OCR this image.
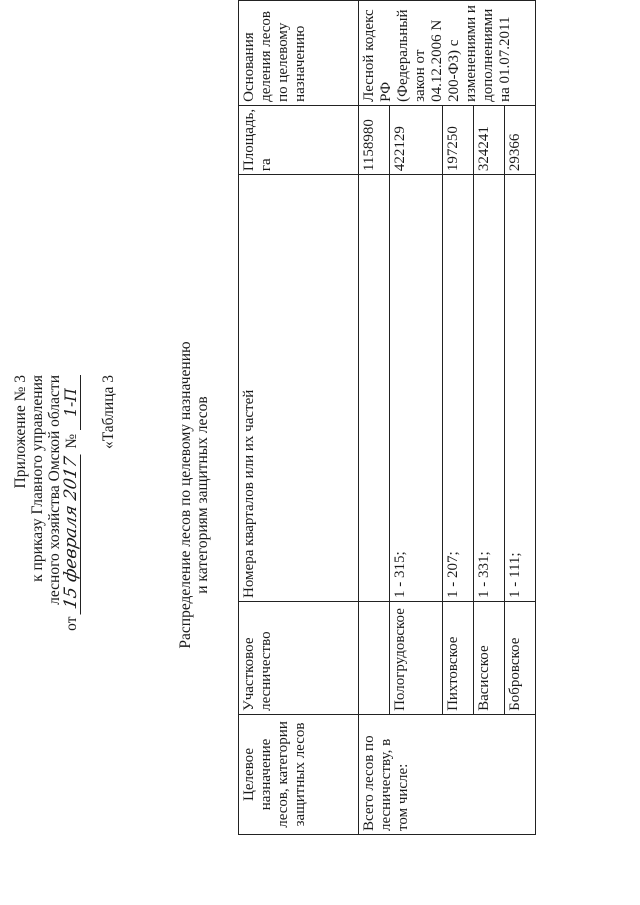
Приложение № 3 к приказу Главного управления лесного хозяйства Омской области
от 15 февраля 2017 № 1-П «Таблица 3	Распределение лесов по целевому назначению и категориям защитных лесов
Целевое назначение лесов, категории защитных лесов	Участковое лесничество	Номера кварталов или их частей	Площадь, га	Основания деления лесов по целевому назначению
Всего лесов по лесничеству, в том числе:			1158980	Лесной кодекс РФ (Федеральный закон от 04.12.2006 N 200-ФЗ) с изменениями и дополнениями на 01.07.2011
	Пологрудовское	1 - 315;	422129	
	Пихтовское	1 - 207;	197250	
	Васисское	1 - 331;	324241	
	Бобровское	1 - 111;	29366	
